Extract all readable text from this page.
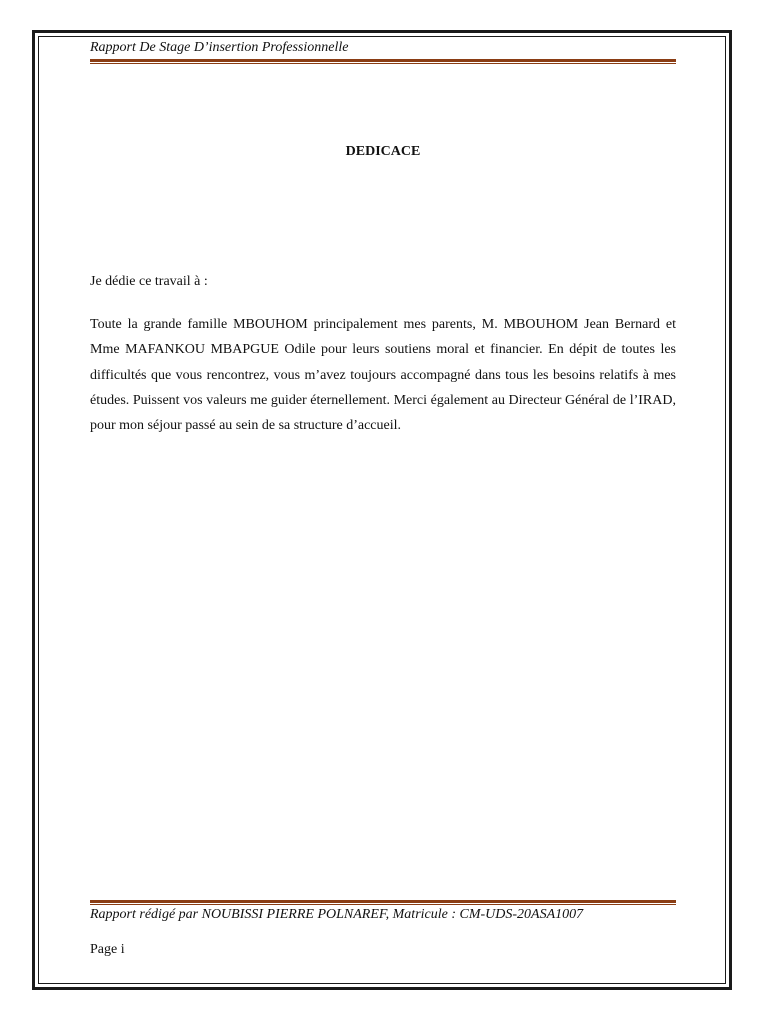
Rapport De Stage D’insertion Professionnelle
DEDICACE
Je dédie ce travail à :

Toute la grande famille MBOUHOM principalement mes parents, M. MBOUHOM Jean Bernard et Mme MAFANKOU MBAPGUE Odile pour leurs soutiens moral et financier. En dépit de toutes les difficultés que vous rencontrez, vous m’avez toujours accompagné dans tous les besoins relatifs à mes études. Puissent vos valeurs me guider éternellement. Merci également au Directeur Général de l’IRAD, pour mon séjour passé au sein de sa structure d’accueil.

Rapport rédigé par NOUBISSI PIERRE POLNAREF, Matricule : CM-UDS-20ASA1007
Page i
